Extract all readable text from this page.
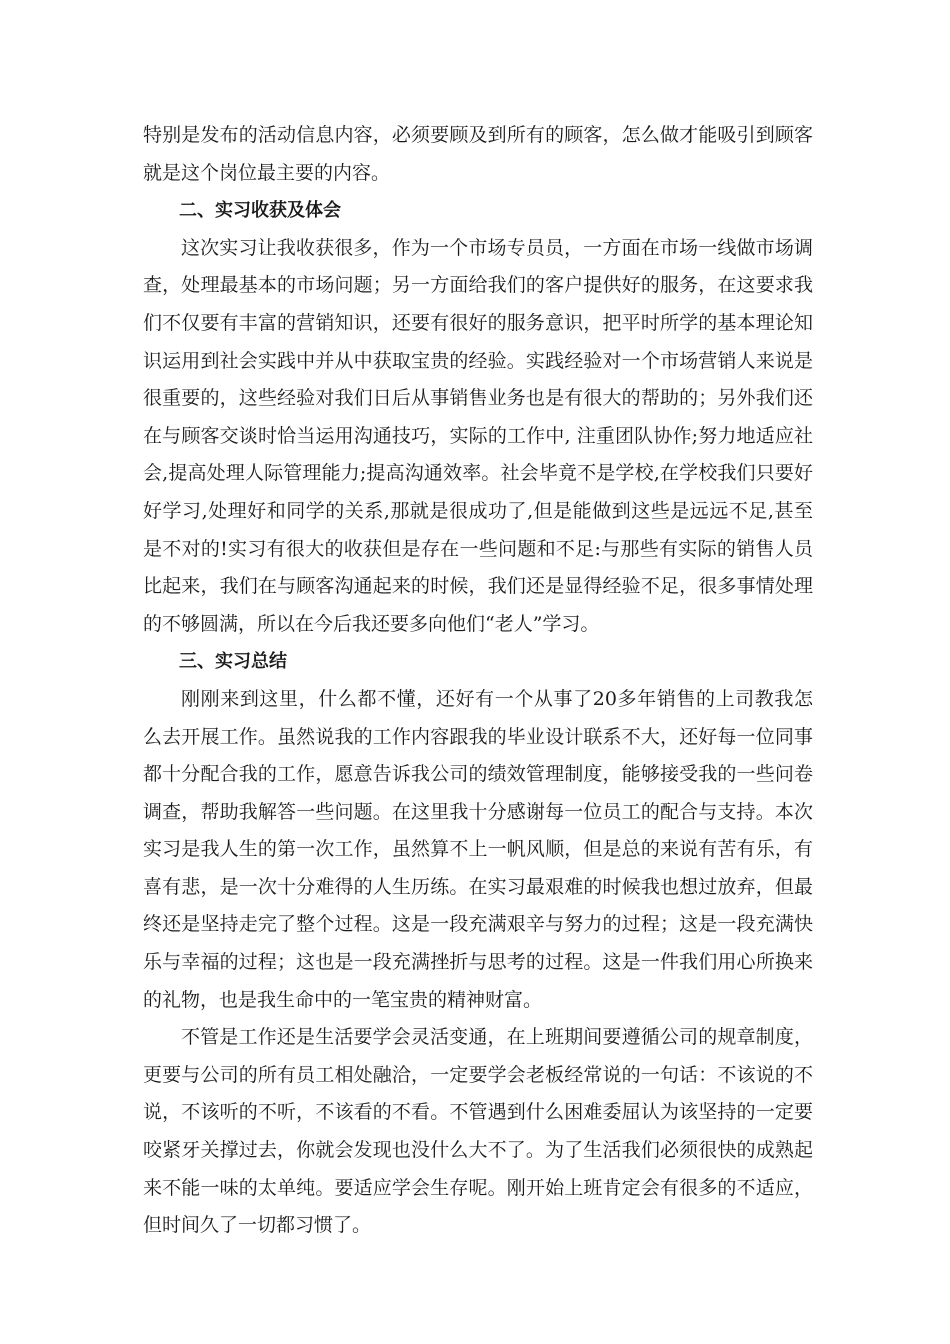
特别是发布的活动信息内容，必须要顾及到所有的顾客，怎么做才能吸引到顾客就是这个岗位最主要的内容。

二、实习收获及体会

这次实习让我收获很多，作为一个市场专员员，一方面在市场一线做市场调查，处理最基本的市场问题；另一方面给我们的客户提供好的服务，在这要求我们不仅要有丰富的营销知识，还要有很好的服务意识，把平时所学的基本理论知识运用到社会实践中并从中获取宝贵的经验。实践经验对一个市场营销人来说是很重要的，这些经验对我们日后从事销售业务也是有很大的帮助的；另外我们还在与顾客交谈时恰当运用沟通技巧，实际的工作中, 注重团队协作;努力地适应社会,提高处理人际管理能力;提高沟通效率。社会毕竟不是学校,在学校我们只要好好学习,处理好和同学的关系,那就是很成功了,但是能做到这些是远远不足,甚至是不对的!实习有很大的收获但是存在一些问题和不足:与那些有实际的销售人员比起来，我们在与顾客沟通起来的时候，我们还是显得经验不足，很多事情处理的不够圆满，所以在今后我还要多向他们“老人”学习。

三、实习总结

刚刚来到这里，什么都不懂，还好有一个从事了20多年销售的上司教我怎么去开展工作。虽然说我的工作内容跟我的毕业设计联系不大，还好每一位同事都十分配合我的工作，愿意告诉我公司的绩效管理制度，能够接受我的一些问卷调查，帮助我解答一些问题。在这里我十分感谢每一位员工的配合与支持。本次实习是我人生的第一次工作，虽然算不上一帆风顺，但是总的来说有苦有乐，有喜有悲，是一次十分难得的人生历练。在实习最艰难的时候我也想过放弃，但最终还是坚持走完了整个过程。这是一段充满艰辛与努力的过程；这是一段充满快乐与幸福的过程；这也是一段充满挫折与思考的过程。这是一件我们用心所换来的礼物，也是我生命中的一笔宝贵的精神财富。

不管是工作还是生活要学会灵活变通，在上班期间要遵循公司的规章制度，更要与公司的所有员工相处融洽，一定要学会老板经常说的一句话：不该说的不说，不该听的不听，不该看的不看。不管遇到什么困难委屈认为该坚持的一定要咬紧牙关撑过去，你就会发现也没什么大不了。为了生活我们必须很快的成熟起来不能一味的太单纯。要适应学会生存呢。刚开始上班肯定会有很多的不适应，但时间久了一切都习惯了。
